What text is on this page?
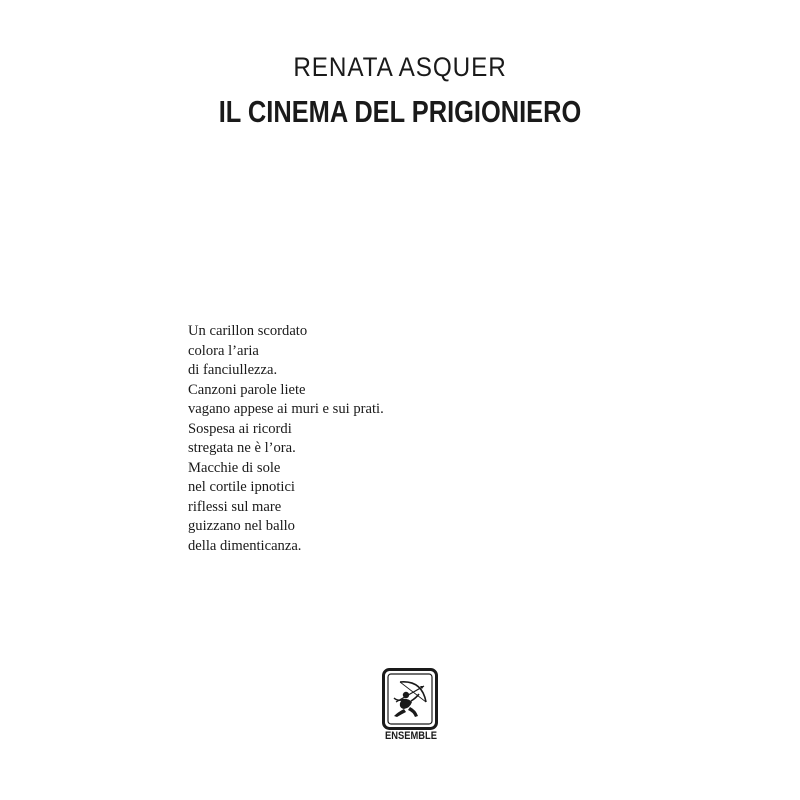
RENATA ASQUER
IL CINEMA DEL PRIGIONIERO
Un carillon scordato
colora l’aria
di fanciullezza.
Canzoni parole liete
vagano appese ai muri e sui prati.
Sospesa ai ricordi
stregata ne è l’ora.
Macchie di sole
nel cortile ipnotici
riflessi sul mare
guizzano nel ballo
della dimenticanza.
ENSEMBLE
